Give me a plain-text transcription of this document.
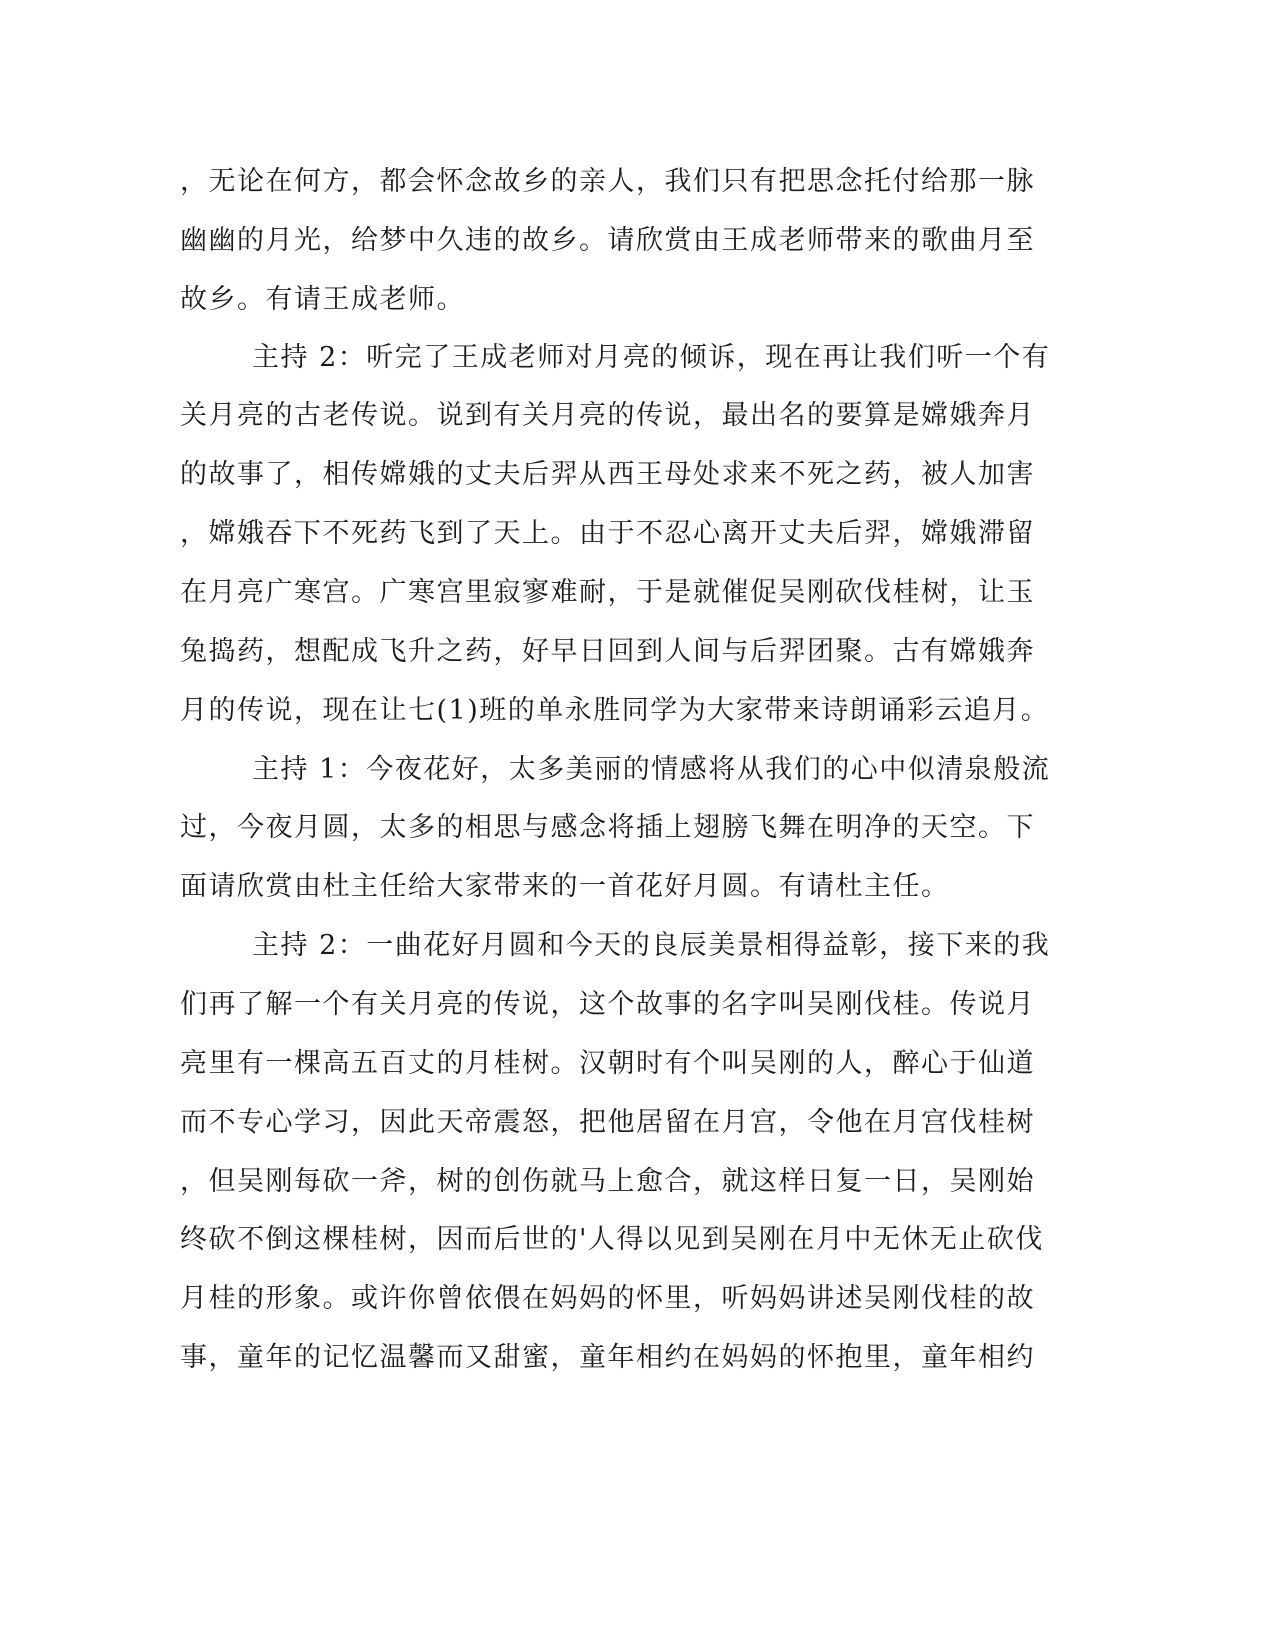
，无论在何方，都会怀念故乡的亲人，我们只有把思念托付给那一脉
幽幽的月光，给梦中久违的故乡。请欣赏由王成老师带来的歌曲月至
故乡。有请王成老师。
主持 2：听完了王成老师对月亮的倾诉，现在再让我们听一个有
关月亮的古老传说。说到有关月亮的传说，最出名的要算是嫦娥奔月
的故事了，相传嫦娥的丈夫后羿从西王母处求来不死之药，被人加害
，嫦娥吞下不死药飞到了天上。由于不忍心离开丈夫后羿，嫦娥滞留
在月亮广寒宫。广寒宫里寂寥难耐，于是就催促吴刚砍伐桂树，让玉
兔捣药，想配成飞升之药，好早日回到人间与后羿团聚。古有嫦娥奔
月的传说，现在让七(1)班的单永胜同学为大家带来诗朗诵彩云追月。
主持 1：今夜花好，太多美丽的情感将从我们的心中似清泉般流
过，今夜月圆，太多的相思与感念将插上翅膀飞舞在明净的天空。下
面请欣赏由杜主任给大家带来的一首花好月圆。有请杜主任。
主持 2：一曲花好月圆和今天的良辰美景相得益彰，接下来的我
们再了解一个有关月亮的传说，这个故事的名字叫吴刚伐桂。传说月
亮里有一棵高五百丈的月桂树。汉朝时有个叫吴刚的人，醉心于仙道
而不专心学习，因此天帝震怒，把他居留在月宫，令他在月宫伐桂树
，但吴刚每砍一斧，树的创伤就马上愈合，就这样日复一日，吴刚始
终砍不倒这棵桂树，因而后世的'人得以见到吴刚在月中无休无止砍伐
月桂的形象。或许你曾依偎在妈妈的怀里，听妈妈讲述吴刚伐桂的故
事，童年的记忆温馨而又甜蜜，童年相约在妈妈的怀抱里，童年相约
